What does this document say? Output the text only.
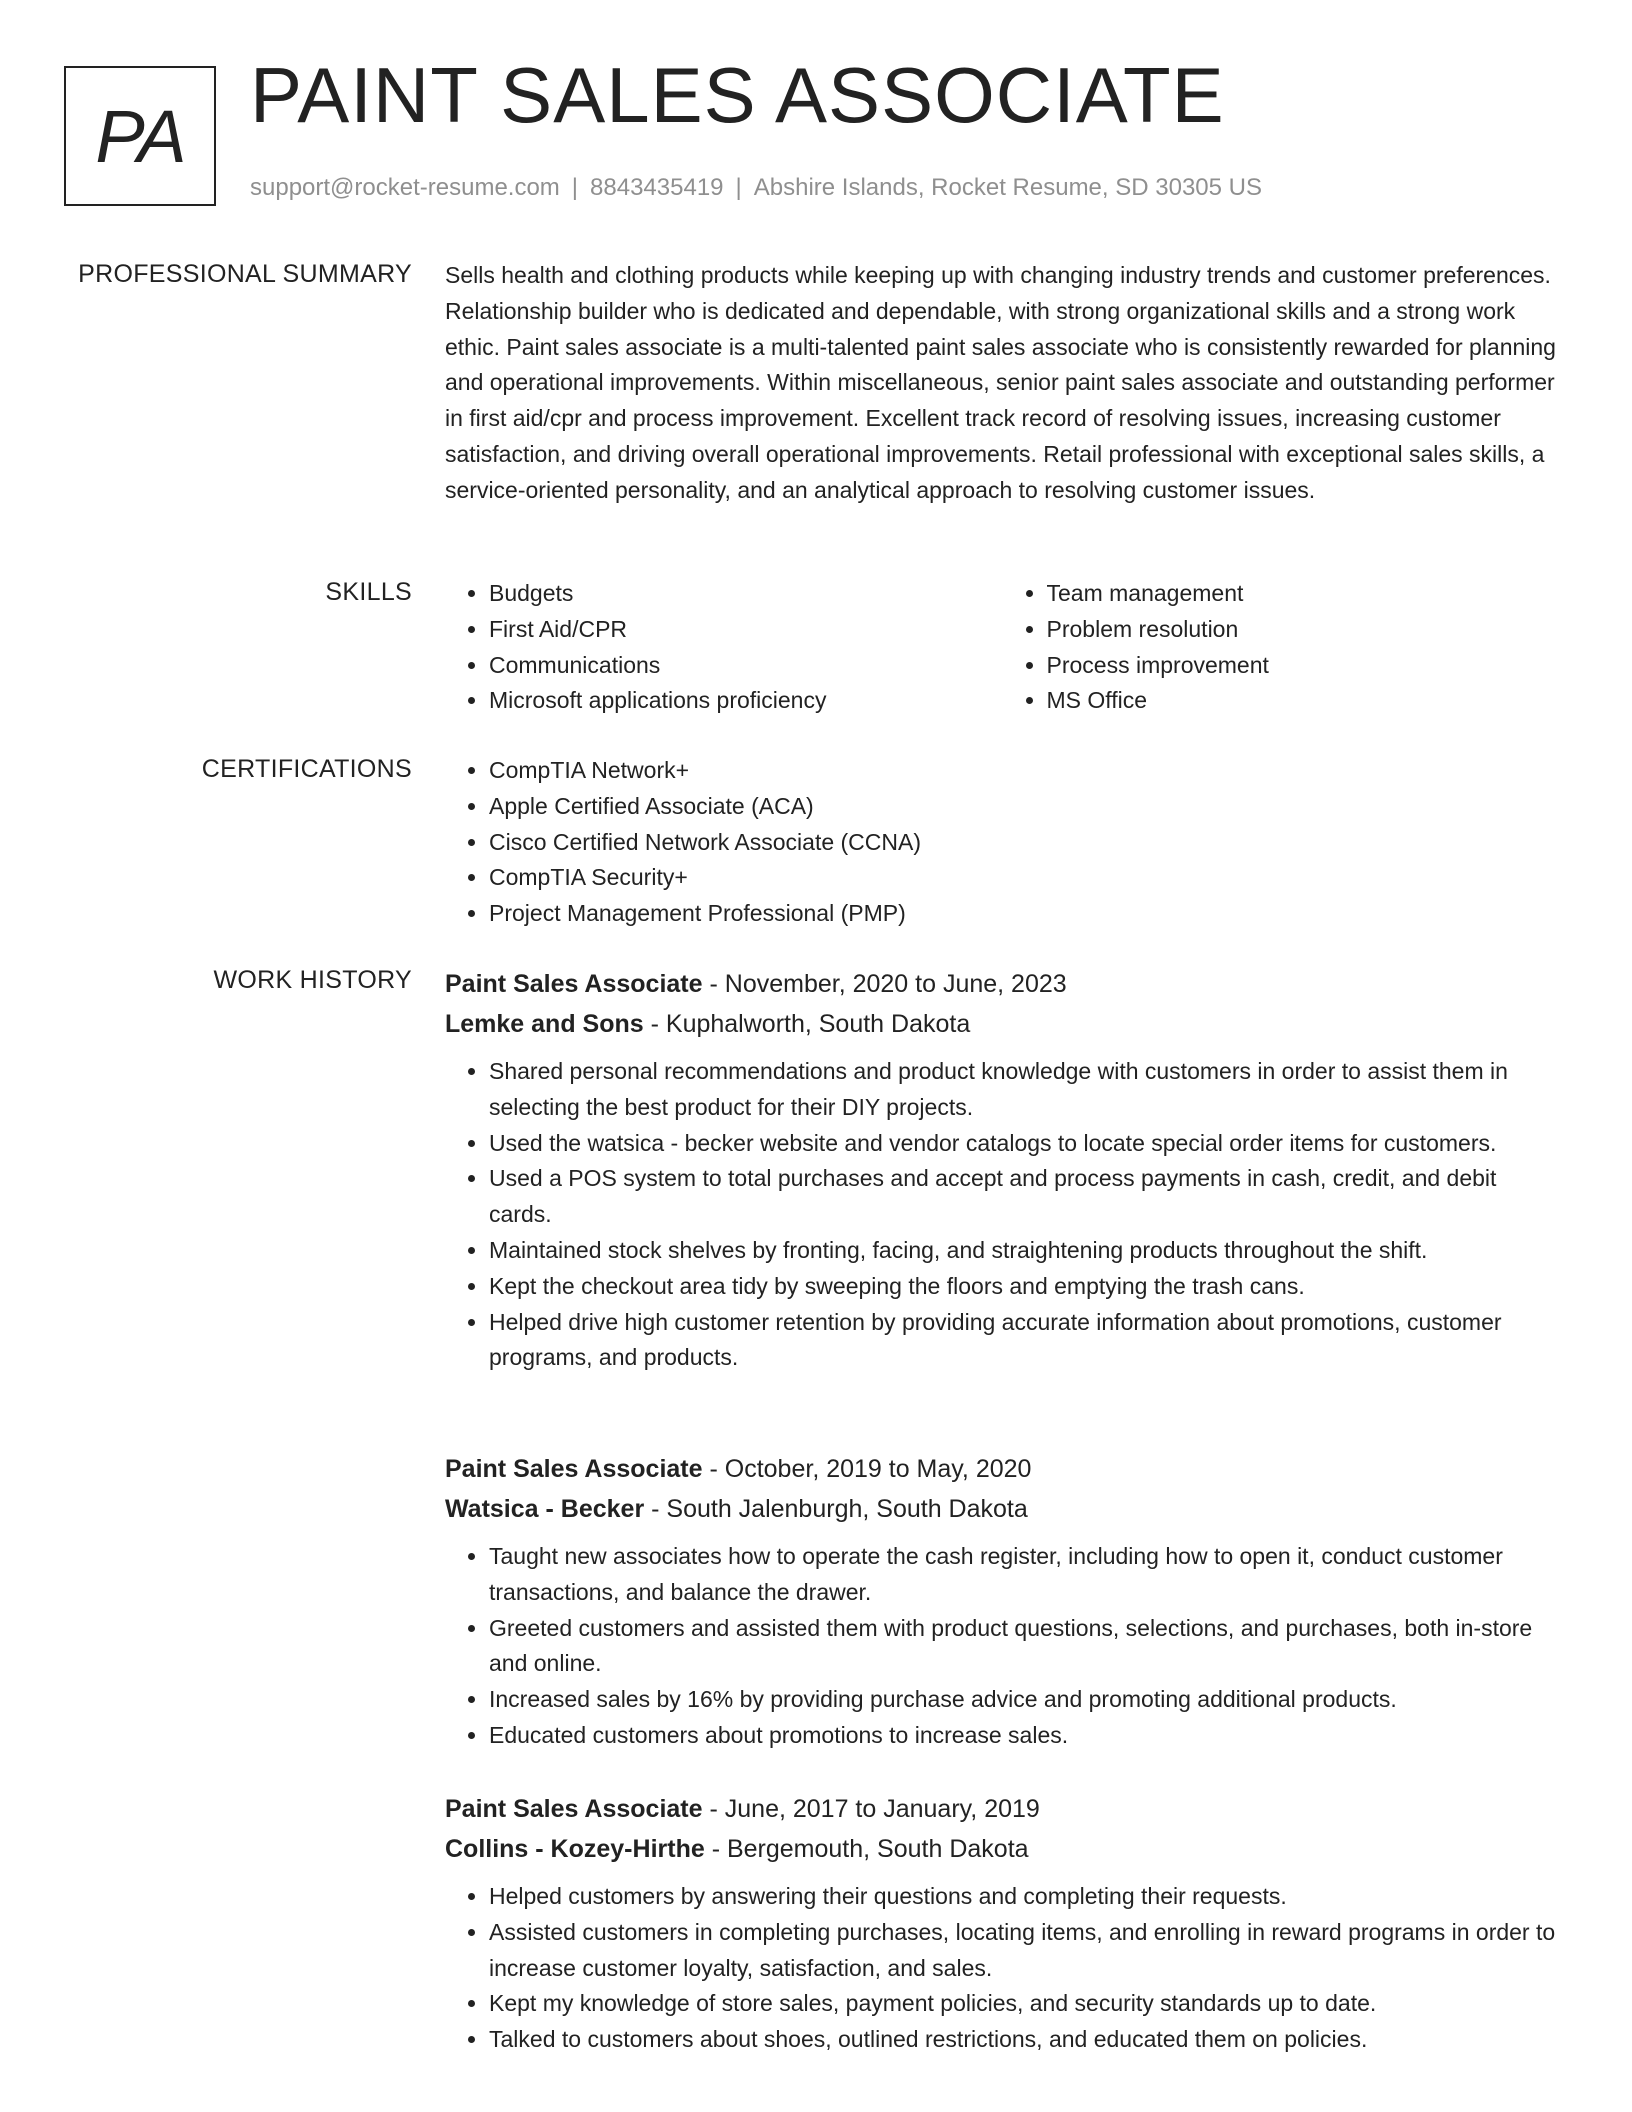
PA PAINT SALES ASSOCIATE
support@rocket-resume.com | 8843435419 | Abshire Islands, Rocket Resume, SD 30305 US
PROFESSIONAL SUMMARY Sells health and clothing products while keeping up with changing industry trends and customer preferences. Relationship builder who is dedicated and dependable, with strong organizational skills and a strong work ethic. Paint sales associate is a multi-talented paint sales associate who is consistently rewarded for planning and operational improvements. Within miscellaneous, senior paint sales associate and outstanding performer in first aid/cpr and process improvement. Excellent track record of resolving issues, increasing customer satisfaction, and driving overall operational improvements. Retail professional with exceptional sales skills, a service-oriented personality, and an analytical approach to resolving customer issues.

SKILLS	• Budgets
• First Aid/CPR
• Communications
• Microsoft applications proficiency
• Team management
• Problem resolution
• Process improvement
• MS Office
CERTIFICATIONS	• CompTIA Network+
• Apple Certified Associate (ACA)
• Cisco Certified Network Associate (CCNA)
• CompTIA Security+
• Project Management Professional (PMP)
WORK HISTORY Paint Sales Associate - November, 2020 to June, 2023
Lemke and Sons - Kuphalworth, South Dakota
• Shared personal recommendations and product knowledge with customers in order to assist them in selecting the best product for their DIY projects.
• Used the watsica - becker website and vendor catalogs to locate special order items for customers.
• Used a POS system to total purchases and accept and process payments in cash, credit, and debit cards.
• Maintained stock shelves by fronting, facing, and straightening products throughout the shift.
• Kept the checkout area tidy by sweeping the floors and emptying the trash cans.
• Helped drive high customer retention by providing accurate information about promotions, customer programs, and products.
Paint Sales Associate - October, 2019 to May, 2020
Watsica - Becker - South Jalenburgh, South Dakota
• Taught new associates how to operate the cash register, including how to open it, conduct customer transactions, and balance the drawer.
• Greeted customers and assisted them with product questions, selections, and purchases, both in-store and online.
• Increased sales by 16% by providing purchase advice and promoting additional products.
• Educated customers about promotions to increase sales.
Paint Sales Associate - June, 2017 to January, 2019
Collins - Kozey-Hirthe - Bergemouth, South Dakota
• Helped customers by answering their questions and completing their requests.
• Assisted customers in completing purchases, locating items, and enrolling in reward programs in order to increase customer loyalty, satisfaction, and sales.
• Kept my knowledge of store sales, payment policies, and security standards up to date.
• Talked to customers about shoes, outlined restrictions, and educated them on policies.
